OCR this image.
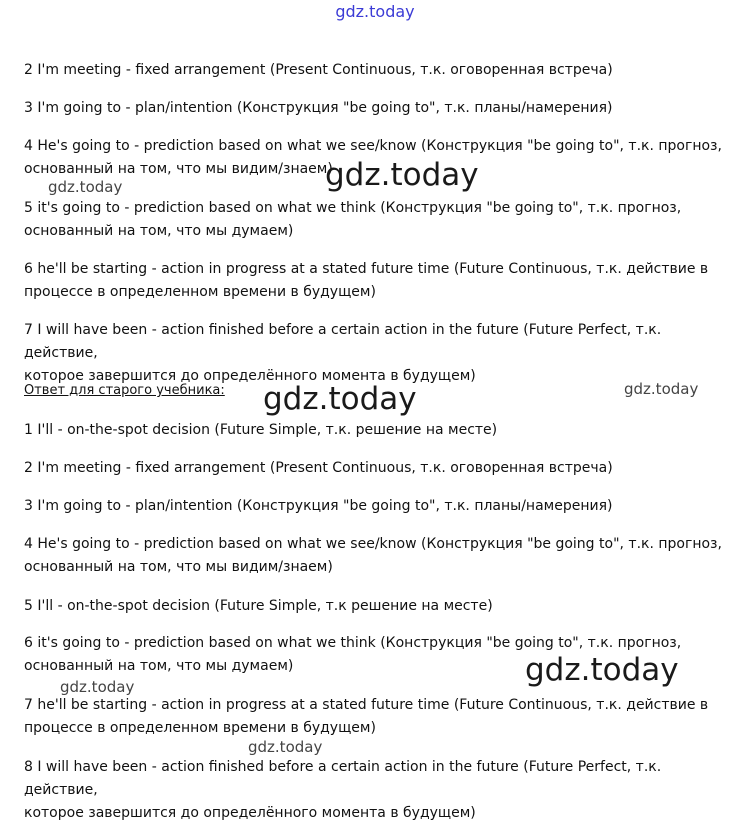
gdz.today
2 I'm meeting - fixed arrangement (Present Continuous, т.к. оговоренная встреча)
3 I'm going to - plan/intention (Конструкция "be going to", т.к. планы/намерения)
4 He's going to - prediction based on what we see/know (Конструкция "be going to", т.к. прогноз,
основанный на том, что мы видим/знаем)
5 it's going to - prediction based on what we think (Конструкция "be going to", т.к. прогноз,
основанный на том, что мы думаем)
6 he'll be starting - action in progress at a stated future time (Future Continuous, т.к. действие в
процессе в определенном времени в будущем)
7 I will have been - action finished before a certain action in the future (Future Perfect, т.к. действие,
которое завершится до определённого момента в будущем)
Ответ для старого учебника:
1 I'll - on-the-spot decision (Future Simple, т.к. решение на месте)
2 I'm meeting - fixed arrangement (Present Continuous, т.к. оговоренная встреча)
3 I'm going to - plan/intention (Конструкция "be going to", т.к. планы/намерения)
4 He's going to - prediction based on what we see/know (Конструкция "be going to", т.к. прогноз,
основанный на том, что мы видим/знаем)
5 I'll - on-the-spot decision (Future Simple, т.к решение на месте)
6 it's going to - prediction based on what we think (Конструкция "be going to", т.к. прогноз,
основанный на том, что мы думаем)
7 he'll be starting - action in progress at a stated future time (Future Continuous, т.к. действие в
процессе в определенном времени в будущем)
8 I will have been - action finished before a certain action in the future (Future Perfect, т.к. действие,
которое завершится до определённого момента в будущем)
gdz.today
gdz.today
gdz.today	gdz.today
gdz.today	gdz.today
gdz.today
